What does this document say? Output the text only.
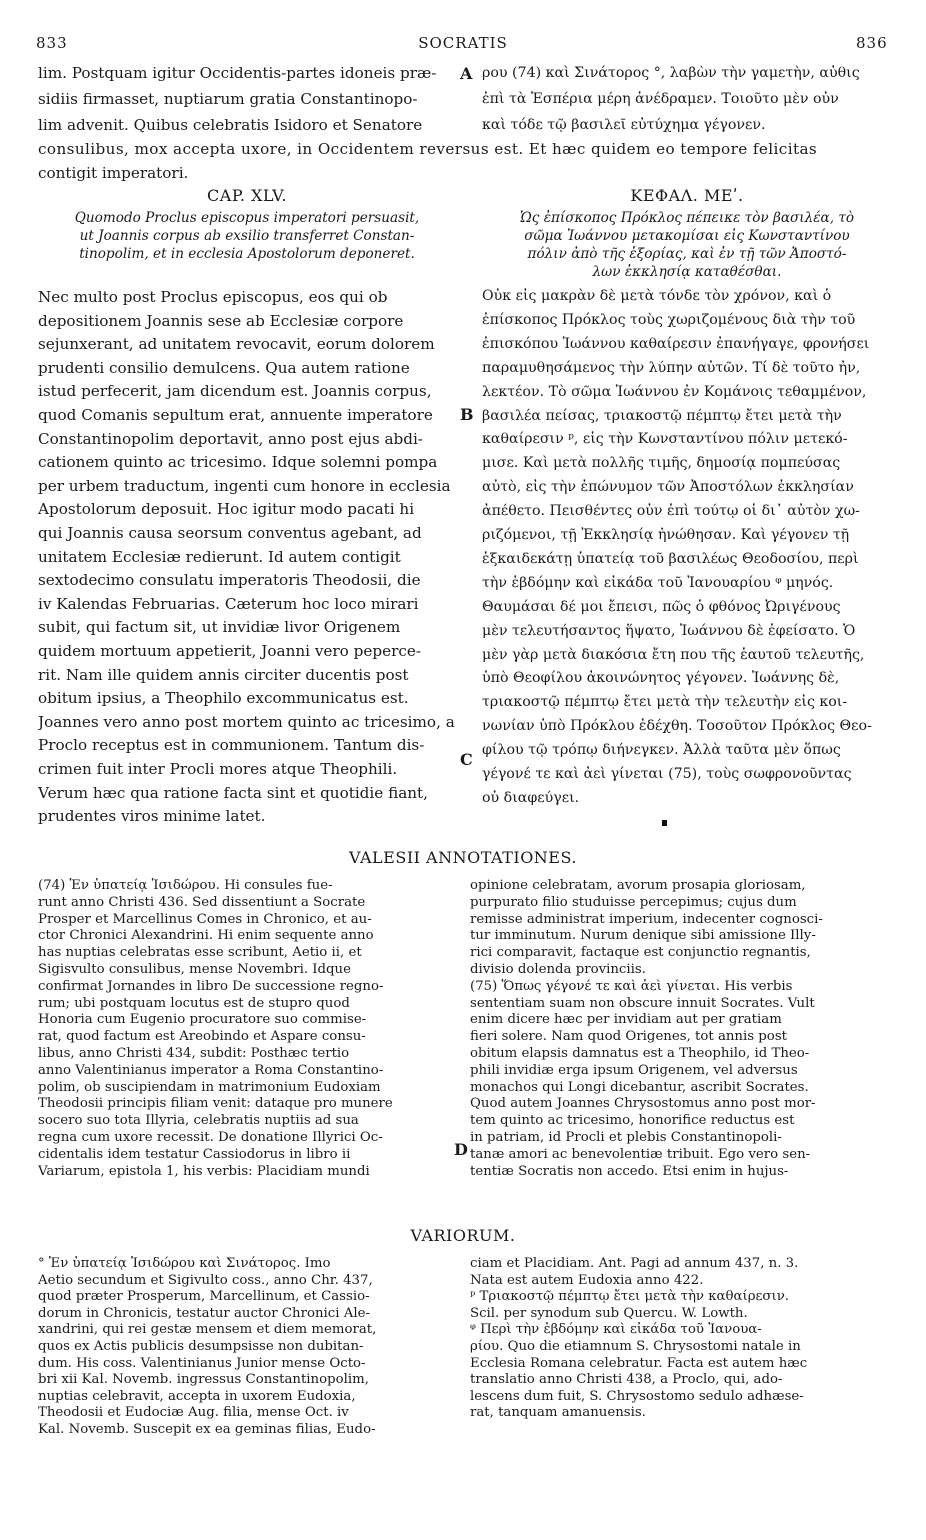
833	SOCRATIS	836
lim. Postquam igitur Occidentis-partes idoneis præ-
sidiis firmasset, nuptiarum gratia Constantinopo-
lim advenit. Quibus celebratis Isidoro et Senatore
A ρου (74) καὶ Σινάτορος °, λαβὼν τὴν γαμετὴν, αὖθις
ἐπὶ τὰ Ἑσπέρια μέρη ἀνέδραμεν. Τοιοῦτο μὲν οὖν
καὶ τόδε τῷ βασιλεῖ εὐτύχημα γέγονεν.
consulibus, mox accepta uxore, in Occidentem reversus est. Et hæc quidem eo tempore felicitas
contigit imperatori.
CAP. XLV.	ΚΕΦΑΛ. ΜΕʹ.
Quomodo Proclus episcopus imperatori persuasit,
ut Joannis corpus ab exsilio transferret Constan-
tinopolim, et in ecclesia Apostolorum deponeret.
Ὡς ἐπίσκοπος Πρόκλος πέπεικε τὸν βασιλέα, τὸ
σῶμα Ἰωάννου μετακομίσαι εἰς Κωνσταντίνου
πόλιν ἀπὸ τῆς ἐξορίας, καὶ ἐν τῇ τῶν Ἀποστό-
λων ἐκκλησίᾳ καταθέσθαι.
Nec multo post Proclus episcopus, eos qui ob
depositionem Joannis sese ab Ecclesiæ corpore
sejunxerant, ad unitatem revocavit, eorum dolorem
prudenti consilio demulcens. Qua autem ratione
istud perfecerit, jam dicendum est. Joannis corpus,
quod Comanis sepultum erat, annuente imperatore
Constantinopolim deportavit, anno post ejus abdi-
cationem quinto ac tricesimo. Idque solemni pompa
per urbem traductum, ingenti cum honore in ecclesia
Apostolorum deposuit. Hoc igitur modo pacati hi
qui Joannis causa seorsum conventus agebant, ad
unitatem Ecclesiæ redierunt. Id autem contigit
sextodecimo consulatu imperatoris Theodosii, die
iv Kalendas Februarias. Cæterum hoc loco mirari
subit, qui factum sit, ut invidiæ livor Origenem
quidem mortuum appetierit, Joanni vero peperce-
rit. Nam ille quidem annis circiter ducentis post
obitum ipsius, a Theophilo excommunicatus est.
Joannes vero anno post mortem quinto ac tricesimo, a
Proclo receptus est in communionem. Tantum dis-
crimen fuit inter Procli mores atque Theophili.
Verum hæc qua ratione facta sint et quotidie fiant,
prudentes viros minime latet.
Οὐκ εἰς μακρὰν δὲ μετὰ τόνδε τὸν χρόνον, καὶ ὁ
ἐπίσκοπος Πρόκλος τοὺς χωριζομένους διὰ τὴν τοῦ
ἐπισκόπου Ἰωάννου καθαίρεσιν ἐπανήγαγε, φρονήσει
παραμυθησάμενος τὴν λύπην αὐτῶν. Τί δὲ τοῦτο ἦν,
λεκτέον. Τὸ σῶμα Ἰωάννου ἐν Κομάνοις τεθαμμένον,
βασιλέα πείσας, τριακοστῷ πέμπτῳ ἔτει μετὰ τὴν
καθαίρεσιν ᵖ, εἰς τὴν Κωνσταντίνου πόλιν μετεκό-
μισε. Καὶ μετὰ πολλῆς τιμῆς, δημοσίᾳ πομπεύσας
αὐτὸ, εἰς τὴν ἐπώνυμον τῶν Ἀποστόλων ἐκκλησίαν
ἀπέθετο. Πεισθέντες οὖν ἐπὶ τούτῳ οἱ δι᾽ αὐτὸν χω-
ριζόμενοι, τῇ Ἐκκλησίᾳ ἡνώθησαν. Καὶ γέγονεν τῇ
ἑξκαιδεκάτῃ ὑπατείᾳ τοῦ βασιλέως Θεοδοσίου, περὶ
τὴν ἑβδόμην καὶ εἰκάδα τοῦ Ἰανουαρίου ᵠ μηνός.
Θαυμάσαι δέ μοι ἔπεισι, πῶς ὁ φθόνος Ὠριγένους
μὲν τελευτήσαντος ἥψατο, Ἰωάννου δὲ ἐφείσατο. Ὁ
μὲν γὰρ μετὰ διακόσια ἔτη που τῆς ἑαυτοῦ τελευτῆς,
ὑπὸ Θεοφίλου ἀκοινώνητος γέγονεν. Ἰωάννης δὲ,
τριακοστῷ πέμπτῳ ἔτει μετὰ τὴν τελευτὴν εἰς κοι-
νωνίαν ὑπὸ Πρόκλου ἐδέχθη. Τοσοῦτον Πρόκλος Θεο-
φίλου τῷ τρόπῳ διήνεγκεν. Ἀλλὰ ταῦτα μὲν ὅπως
γέγονέ τε καὶ ἀεὶ γίνεται (75), τοὺς σωφρονοῦντας
οὐ διαφεύγει.
B
C
VALESII ANNOTATIONES.
(74) Ἐν ὑπατείᾳ Ἰσιδώρου. Hi consules fue-
runt anno Christi 436. Sed dissentiunt a Socrate
Prosper et Marcellinus Comes in Chronico, et au-
ctor Chronici Alexandrini. Hi enim sequente anno
has nuptias celebratas esse scribunt, Aetio ii, et
Sigisvulto consulibus, mense Novembri. Idque
confirmat Jornandes in libro De successione regno-
rum; ubi postquam locutus est de stupro quod
Honoria cum Eugenio procuratore suo commise-
rat, quod factum est Areobindo et Aspare consu-
libus, anno Christi 434, subdit: Posthæc tertio
anno Valentinianus imperator a Roma Constantino-
polim, ob suscipiendam in matrimonium Eudoxiam
Theodosii principis filiam venit: dataque pro munere
socero suo tota Illyria, celebratis nuptiis ad sua
regna cum uxore recessit. De donatione Illyrici Oc-
cidentalis idem testatur Cassiodorus in libro ii
Variarum, epistola 1, his verbis: Placidiam mundi
opinione celebratam, avorum prosapia gloriosam,
purpurato filio studuisse percepimus; cujus dum
remisse administrat imperium, indecenter cognosci-
tur imminutum. Nurum denique sibi amissione Illy-
rici comparavit, factaque est conjunctio regnantis,
divisio dolenda provinciis.
(75) Ὅπως γέγονέ τε καὶ ἀεὶ γίνεται. His verbis
sententiam suam non obscure innuit Socrates. Vult
enim dicere hæc per invidiam aut per gratiam
fieri solere. Nam quod Origenes, tot annis post
obitum elapsis damnatus est a Theophilo, id Theo-
phili invidiæ erga ipsum Origenem, vel adversus
monachos qui Longi dicebantur, ascribit Socrates.
Quod autem Joannes Chrysostomus anno post mor-
tem quinto ac tricesimo, honorifice reductus est
in patriam, id Procli et plebis Constantinopoli-
tanæ amori ac benevolentiæ tribuit. Ego vero sen-
tentiæ Socratis non accedo. Etsi enim in hujus-
D
VARIORUM.
° Ἐν ὑπατείᾳ Ἰσιδώρου καὶ Σινάτορος. Imo
Aetio secundum et Sigivulto coss., anno Chr. 437,
quod præter Prosperum, Marcellinum, et Cassio-
dorum in Chronicis, testatur auctor Chronici Ale-
xandrini, qui rei gestæ mensem et diem memorat,
quos ex Actis publicis desumpsisse non dubitan-
dum. His coss. Valentinianus Junior mense Octo-
bri xii Kal. Novemb. ingressus Constantinopolim,
nuptias celebravit, accepta in uxorem Eudoxia,
Theodosii et Eudociæ Aug. filia, mense Oct. iv
Kal. Novemb. Suscepit ex ea geminas filias, Eudo-
ciam et Placidiam. Ant. Pagi ad annum 437, n. 3.
Nata est autem Eudoxia anno 422.
ᵖ Τριακοστῷ πέμπτῳ ἔτει μετὰ τὴν καθαίρεσιν.
Scil. per synodum sub Quercu. W. Lowth.
ᵠ Περὶ τὴν ἑβδόμην καὶ εἰκάδα τοῦ Ἰανουα-
ρίου. Quo die etiamnum S. Chrysostomi natale in
Ecclesia Romana celebratur. Facta est autem hæc
translatio anno Christi 438, a Proclo, qui, ado-
lescens dum fuit, S. Chrysostomo sedulo adhæse-
rat, tanquam amanuensis.
